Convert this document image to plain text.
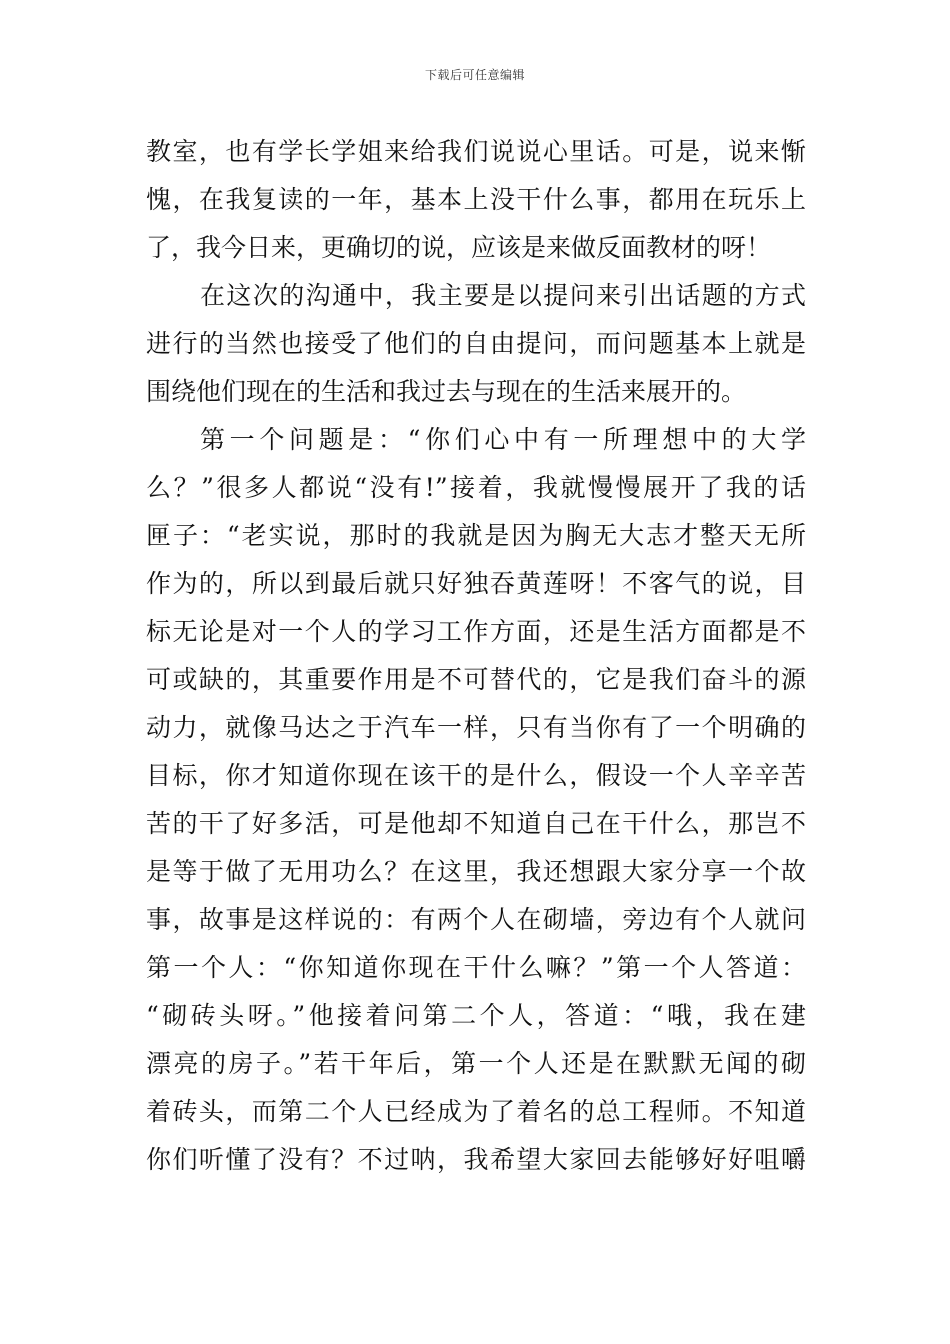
下载后可任意编辑
教室，也有学长学姐来给我们说说心里话。可是，说来惭
愧，在我复读的一年，基本上没干什么事，都用在玩乐上
了，我今日来，更确切的说，应该是来做反面教材的呀！
在这次的沟通中，我主要是以提问来引出话题的方式
进行的当然也接受了他们的自由提问，而问题基本上就是
围绕他们现在的生活和我过去与现在的生活来展开的。
第一个问题是：“你们心中有一所理想中的大学
么？”很多人都说“没有!”接着，我就慢慢展开了我的话
匣子：“老实说，那时的我就是因为胸无大志才整天无所
作为的，所以到最后就只好独吞黄莲呀！不客气的说，目
标无论是对一个人的学习工作方面，还是生活方面都是不
可或缺的，其重要作用是不可替代的，它是我们奋斗的源
动力，就像马达之于汽车一样，只有当你有了一个明确的
目标，你才知道你现在该干的是什么，假设一个人辛辛苦
苦的干了好多活，可是他却不知道自己在干什么，那岂不
是等于做了无用功么？在这里，我还想跟大家分享一个故
事，故事是这样说的：有两个人在砌墙，旁边有个人就问
第一个人：“你知道你现在干什么嘛？”第一个人答道：
“砌砖头呀。”他接着问第二个人，答道：“哦，我在建
漂亮的房子。”若干年后，第一个人还是在默默无闻的砌
着砖头，而第二个人已经成为了着名的总工程师。不知道
你们听懂了没有？不过呐，我希望大家回去能够好好咀嚼
